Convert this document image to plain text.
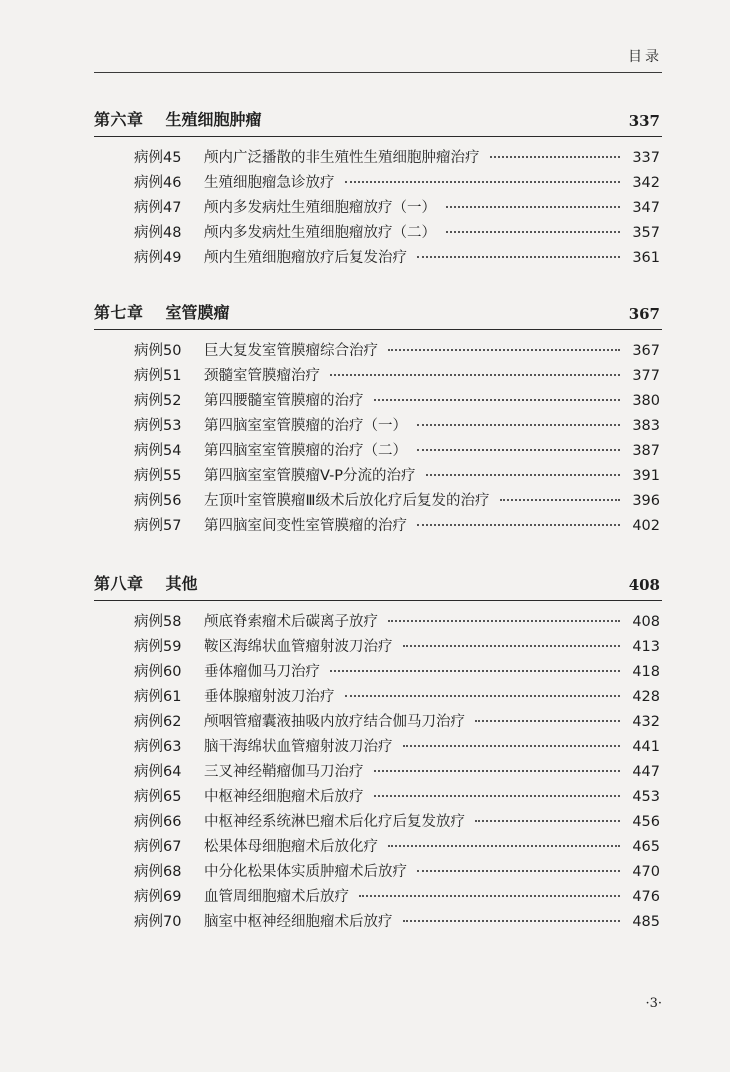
目录
第六章 生殖细胞肿瘤	337
病例45	颅内广泛播散的非生殖性生殖细胞肿瘤治疗	337
病例46	生殖细胞瘤急诊放疗	342
病例47	颅内多发病灶生殖细胞瘤放疗（一）	347
病例48	颅内多发病灶生殖细胞瘤放疗（二）	357
病例49	颅内生殖细胞瘤放疗后复发治疗	361
第七章 室管膜瘤	367
病例50	巨大复发室管膜瘤综合治疗	367
病例51	颈髓室管膜瘤治疗	377
病例52	第四腰髓室管膜瘤的治疗	380
病例53	第四脑室室管膜瘤的治疗（一）	383
病例54	第四脑室室管膜瘤的治疗（二）	387
病例55	第四脑室室管膜瘤V-P分流的治疗	391
病例56	左顶叶室管膜瘤Ⅲ级术后放化疗后复发的治疗	396
病例57	第四脑室间变性室管膜瘤的治疗	402
第八章 其他	408
病例58	颅底脊索瘤术后碳离子放疗	408
病例59	鞍区海绵状血管瘤射波刀治疗	413
病例60	垂体瘤伽马刀治疗	418
病例61	垂体腺瘤射波刀治疗	428
病例62	颅咽管瘤囊液抽吸内放疗结合伽马刀治疗	432
病例63	脑干海绵状血管瘤射波刀治疗	441
病例64	三叉神经鞘瘤伽马刀治疗	447
病例65	中枢神经细胞瘤术后放疗	453
病例66	中枢神经系统淋巴瘤术后化疗后复发放疗	456
病例67	松果体母细胞瘤术后放化疗	465
病例68	中分化松果体实质肿瘤术后放疗	470
病例69	血管周细胞瘤术后放疗	476
病例70	脑室中枢神经细胞瘤术后放疗	485
·3·
